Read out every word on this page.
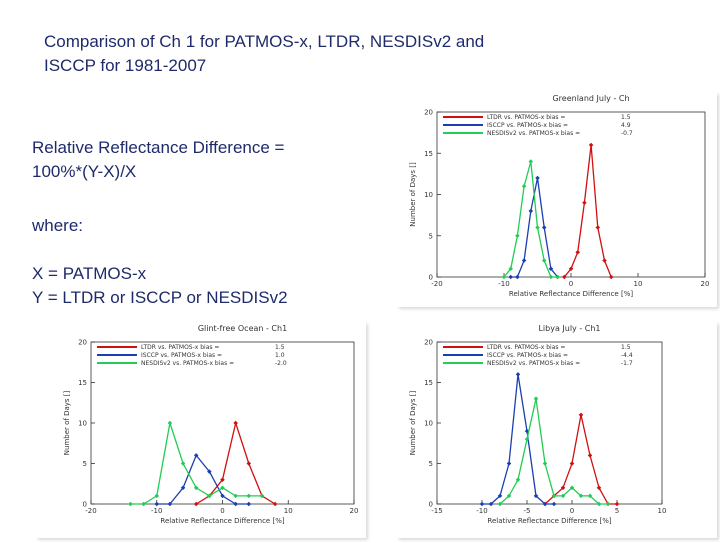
Comparison of Ch 1 for PATMOS-x, LTDR, NESDISv2 and
ISCCP for 1981-2007
Relative Reflectance Difference =
100%*(Y-X)/X
where:
X = PATMOS-x
Y = LTDR or ISCCP or NESDISv2
Greenland July - Ch
-20	-10	0	10	20
0
5
10
15
20
Relative Reflectance Difference [%]
Number of Days []
LTDR vs. PATMOS-x bias =	1.5
ISCCP vs. PATMOS-x bias =	4.9
NESDISv2 vs. PATMOS-x bias =	-0.7
Glint-free Ocean - Ch1
-20	-10	0	10	20
0
5
10
15
20
Relative Reflectance Difference [%]
Number of Days []
LTDR vs. PATMOS-x bias =	1.5
ISCCP vs. PATMOS-x bias =	1.0
NESDISv2 vs. PATMOS-x bias =	-2.0
Libya July - Ch1
-15	-10	-5	0	5	10
0
5
10
15
20
Relative Reflectance Difference [%]
Number of Days []
LTDR vs. PATMOS-x bias =	1.5
ISCCP vs. PATMOS-x bias =	-4.4
NESDISv2 vs. PATMOS-x bias =	-1.7
